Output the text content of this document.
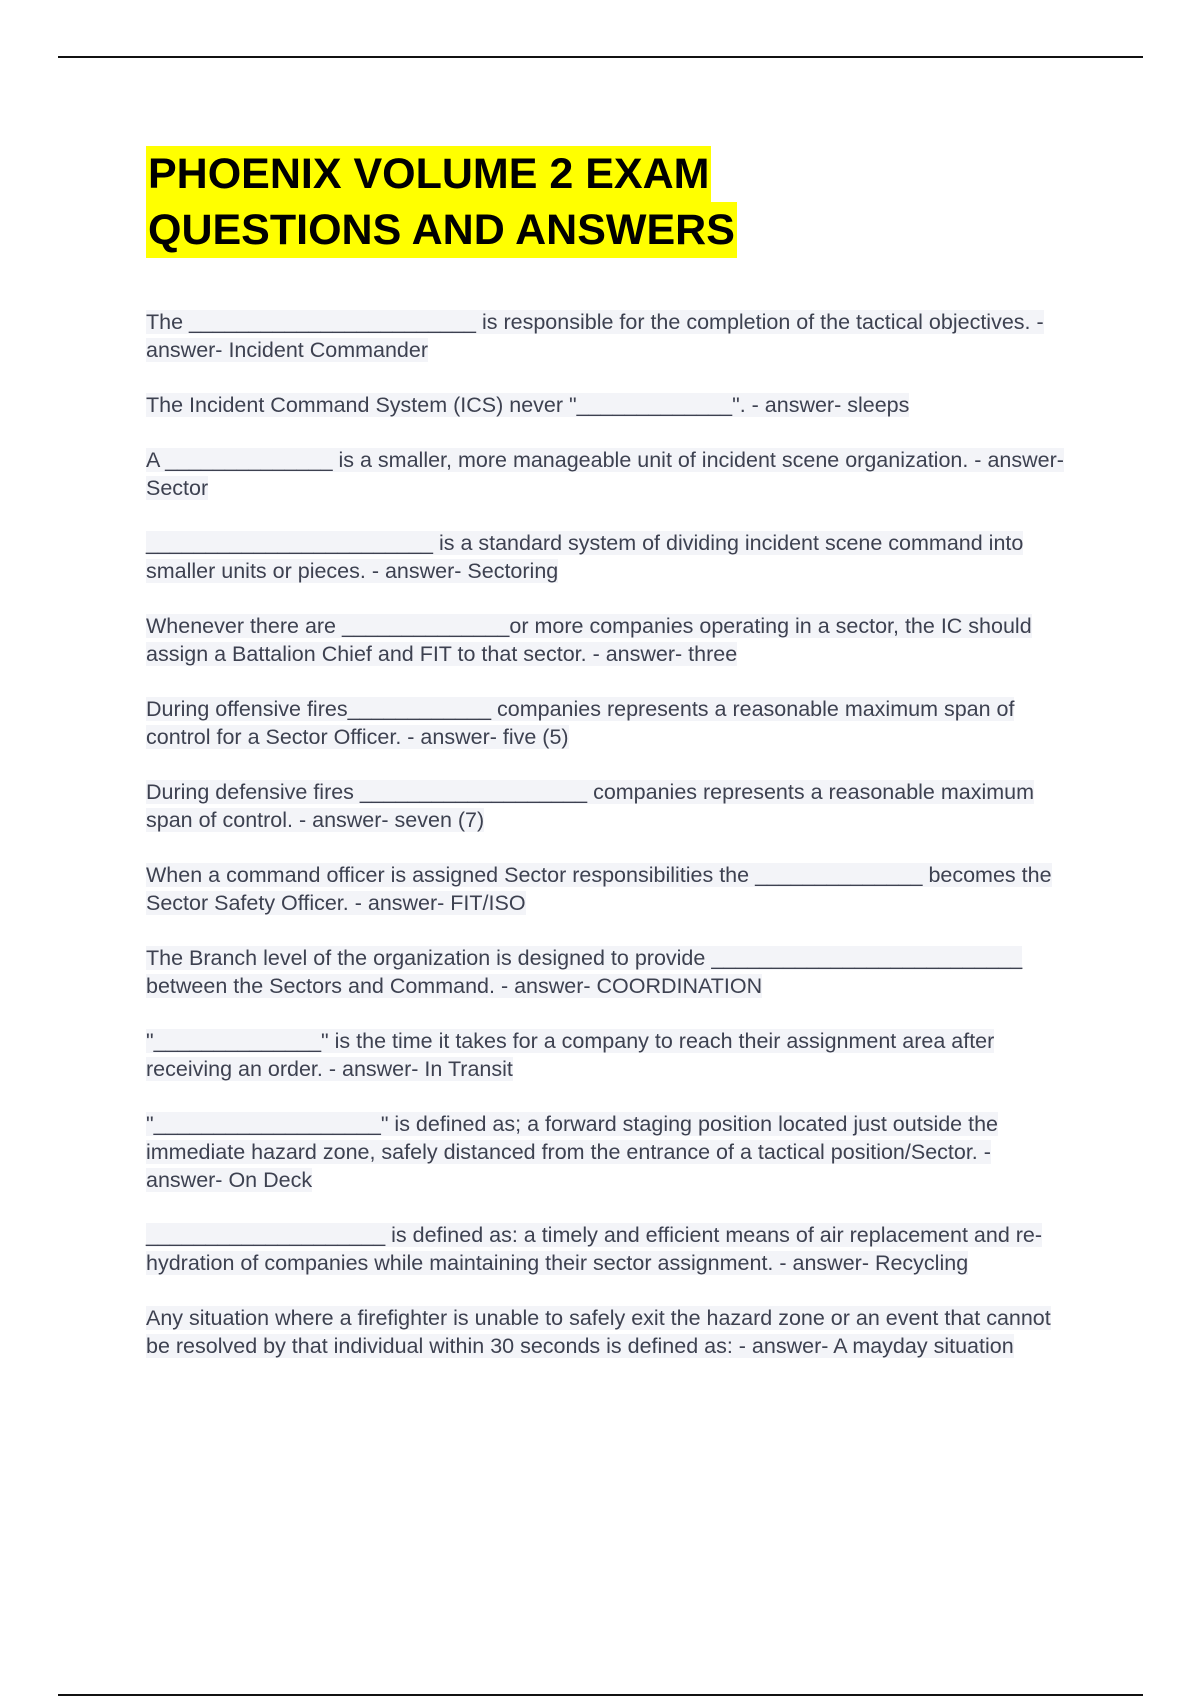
PHOENIX VOLUME 2 EXAM
QUESTIONS AND ANSWERS

The ________________________ is responsible for the completion of the tactical objectives. - answer- Incident Commander

The Incident Command System (ICS) never "_____________". - answer- sleeps

A ______________ is a smaller, more manageable unit of incident scene organization. - answer- Sector

________________________ is a standard system of dividing incident scene command into smaller units or pieces. - answer- Sectoring

Whenever there are ______________or more companies operating in a sector, the IC should assign a Battalion Chief and FIT to that sector. - answer- three

During offensive fires____________ companies represents a reasonable maximum span of control for a Sector Officer. - answer- five (5)

During defensive fires ___________________ companies represents a reasonable maximum span of control. - answer- seven (7)

When a command officer is assigned Sector responsibilities the ______________ becomes the Sector Safety Officer. - answer- FIT/ISO

The Branch level of the organization is designed to provide __________________________ between the Sectors and Command. - answer- COORDINATION

"______________" is the time it takes for a company to reach their assignment area after receiving an order. - answer- In Transit

"___________________" is defined as; a forward staging position located just outside the immediate hazard zone, safely distanced from the entrance of a tactical position/Sector. - answer- On Deck

____________________ is defined as: a timely and efficient means of air replacement and re-hydration of companies while maintaining their sector assignment. - answer- Recycling

Any situation where a firefighter is unable to safely exit the hazard zone or an event that cannot be resolved by that individual within 30 seconds is defined as: - answer- A mayday situation
